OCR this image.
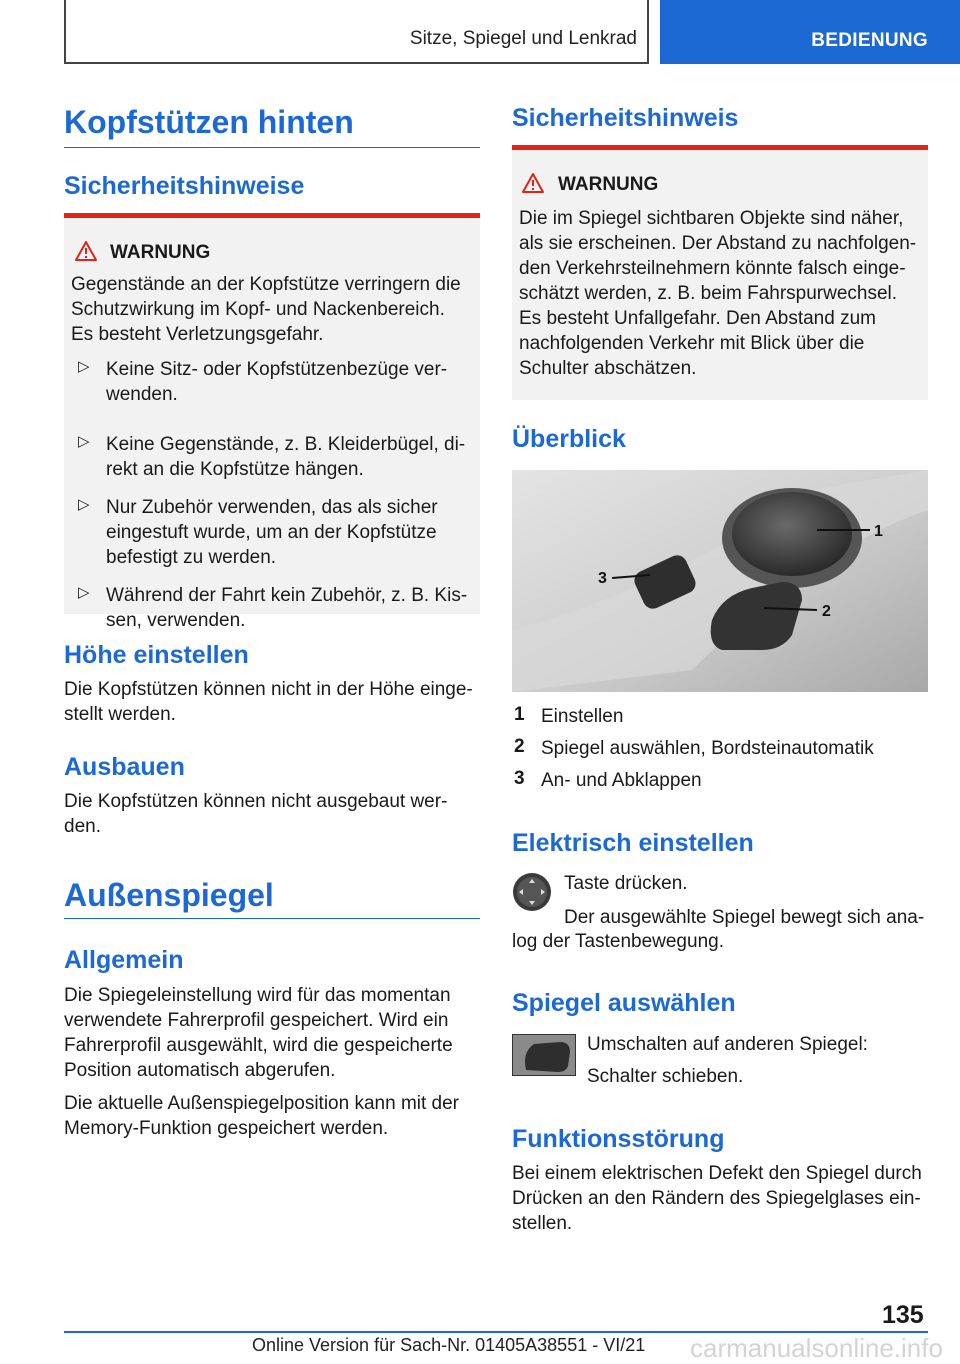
Sitze, Spiegel und Lenkrad	BEDIENUNG
Kopfstützen hinten
Sicherheitshinweise
WARNUNG
Gegenstände an der Kopfstütze verringern die
Schutzwirkung im Kopf- und Nackenbereich.
Es besteht Verletzungsgefahr.
▷ Keine Sitz- oder Kopfstützenbezüge ver-
wenden.
▷ Keine Gegenstände, z. B. Kleiderbügel, di-
rekt an die Kopfstütze hängen.
▷ Nur Zubehör verwenden, das als sicher
eingestuft wurde, um an der Kopfstütze
befestigt zu werden.
▷ Während der Fahrt kein Zubehör, z. B. Kis-
sen, verwenden.
Höhe einstellen
Die Kopfstützen können nicht in der Höhe einge-
stellt werden.
Ausbauen
Die Kopfstützen können nicht ausgebaut wer-
den.
Außenspiegel
Allgemein
Die Spiegeleinstellung wird für das momentan
verwendete Fahrerprofil gespeichert. Wird ein
Fahrerprofil ausgewählt, wird die gespeicherte
Position automatisch abgerufen.
Die aktuelle Außenspiegelposition kann mit der
Memory-Funktion gespeichert werden.
Sicherheitshinweis
WARNUNG
Die im Spiegel sichtbaren Objekte sind näher,
als sie erscheinen. Der Abstand zu nachfolgen-
den Verkehrsteilnehmern könnte falsch einge-
schätzt werden, z. B. beim Fahrspurwechsel.
Es besteht Unfallgefahr. Den Abstand zum
nachfolgenden Verkehr mit Blick über die
Schulter abschätzen.
Überblick
1
2
3
1 Einstellen
2 Spiegel auswählen, Bordsteinautomatik
3 An- und Abklappen
Elektrisch einstellen
Taste drücken.
Der ausgewählte Spiegel bewegt sich ana-
log der Tastenbewegung.
Spiegel auswählen
Umschalten auf anderen Spiegel:
Schalter schieben.
Funktionsstörung
Bei einem elektrischen Defekt den Spiegel durch
Drücken an den Rändern des Spiegelglases ein-
stellen.
135
Online Version für Sach-Nr. 01405A38551 - VI/21 carmanualsonline.info
